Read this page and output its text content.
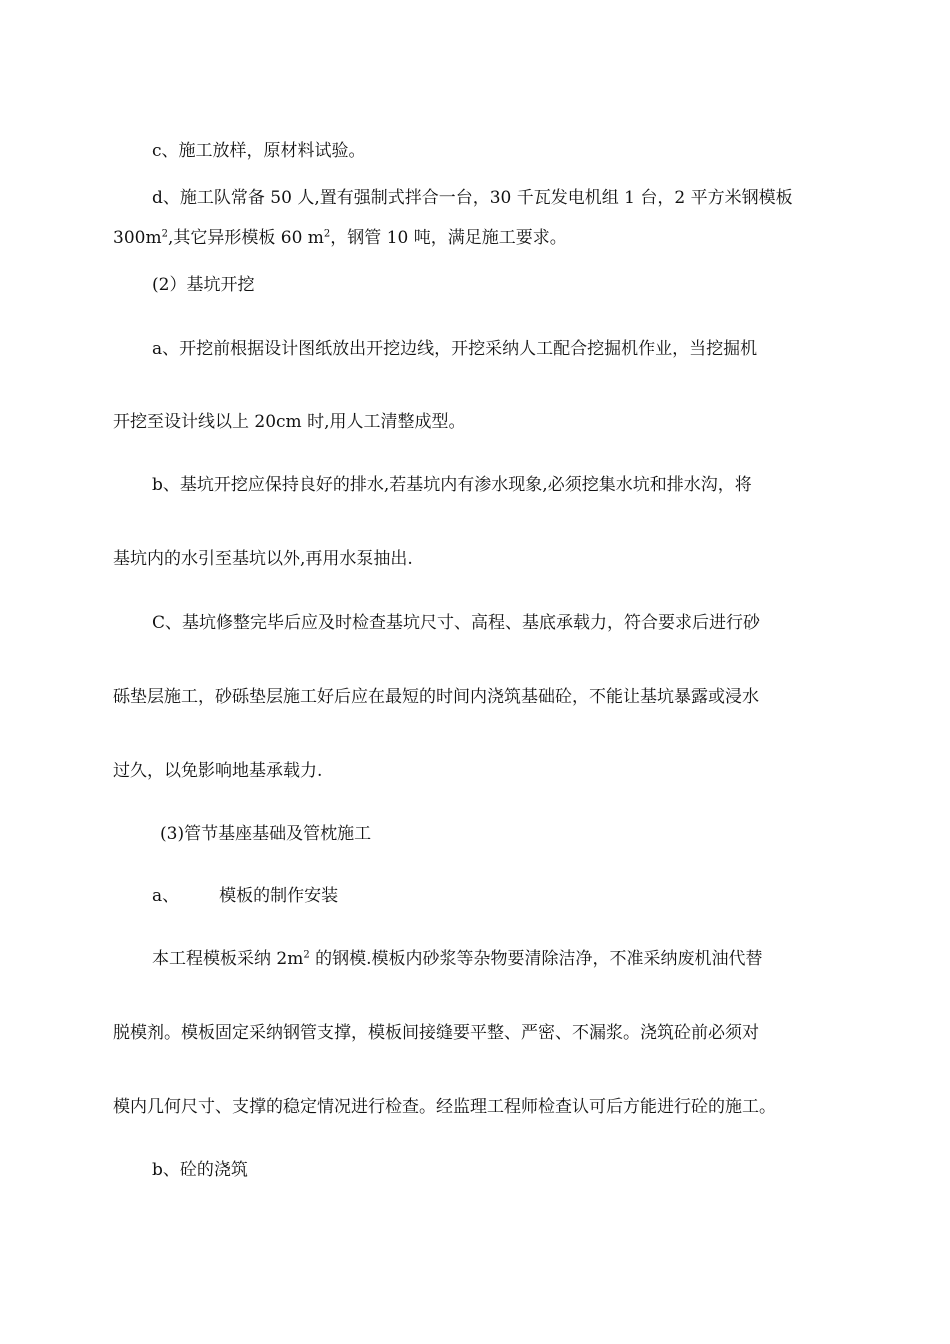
c、施工放样，原材料试验。

d、施工队常备 50 人,置有强制式拌合一台，30 千瓦发电机组 1 台，2 平方米钢模板

$300m^2$,其它异形模板 60 $m^2$，钢管 10 吨，满足施工要求。

(2）基坑开挖

a、开挖前根据设计图纸放出开挖边线，开挖采纳人工配合挖掘机作业，当挖掘机

开挖至设计线以上 20cm 时,用人工清整成型。

b、基坑开挖应保持良好的排水,若基坑内有渗水现象,必须挖集水坑和排水沟，将

基坑内的水引至基坑以外,再用水泵抽出.

C、基坑修整完毕后应及时检查基坑尺寸、高程、基底承载力，符合要求后进行砂

砾垫层施工，砂砾垫层施工好后应在最短的时间内浇筑基础砼，不能让基坑暴露或浸水

过久，以免影响地基承载力.

(3)管节基座基础及管枕施工

a、 模板的制作安装

本工程模板采纳 $2m^2$ 的钢模.模板内砂浆等杂物要清除洁净，不准采纳废机油代替

脱模剂。模板固定采纳钢管支撑，模板间接缝要平整、严密、不漏浆。浇筑砼前必须对

模内几何尺寸、支撑的稳定情况进行检查。经监理工程师检查认可后方能进行砼的施工。

b、砼的浇筑
